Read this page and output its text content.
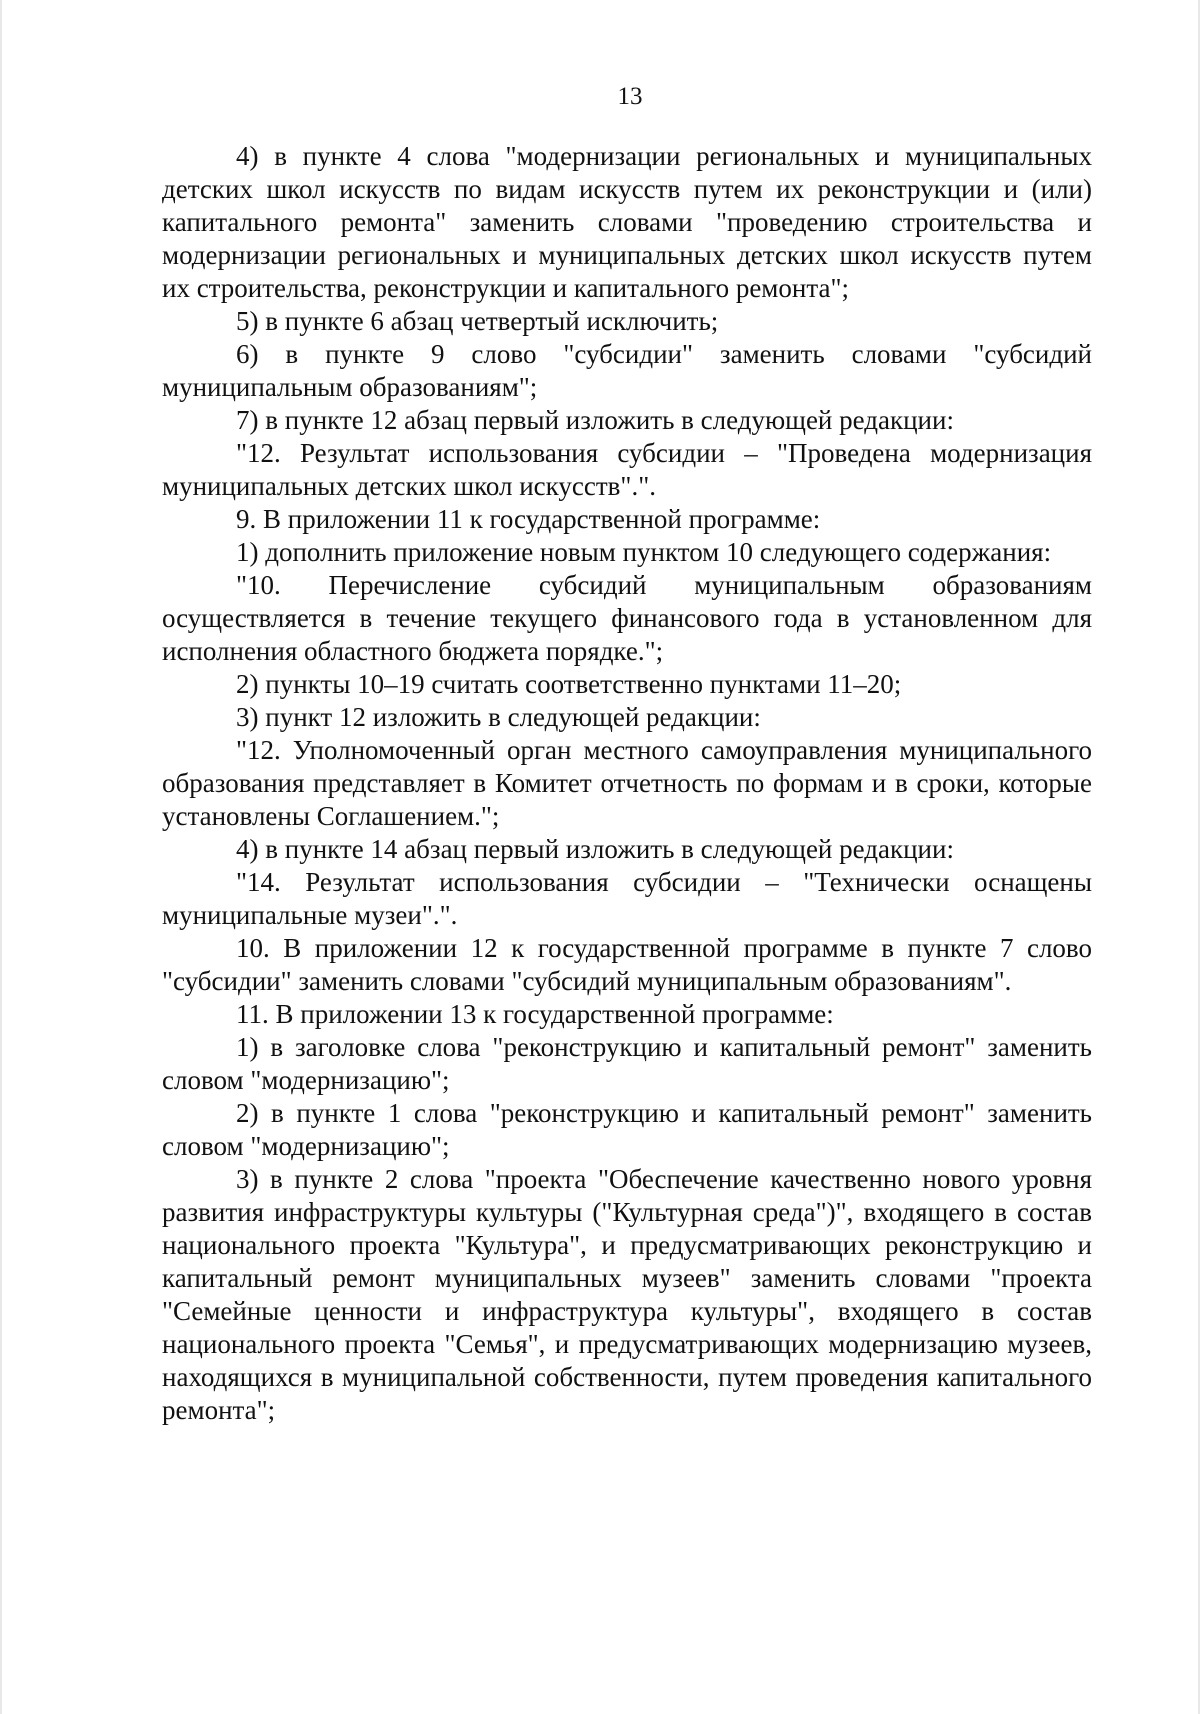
13

4) в пункте 4 слова "модернизации региональных и муниципальных детских школ искусств по видам искусств путем их реконструкции и (или) капитального ремонта" заменить словами "проведению строительства и модернизации региональных и муниципальных детских школ искусств путем их строительства, реконструкции и капитального ремонта";

5) в пункте 6 абзац четвертый исключить;

6) в пункте 9 слово "субсидии" заменить словами "субсидий муниципальным образованиям";

7) в пункте 12 абзац первый изложить в следующей редакции:

"12. Результат использования субсидии – "Проведена модернизация муниципальных детских школ искусств".".

9. В приложении 11 к государственной программе:

1) дополнить приложение новым пунктом 10 следующего содержания:

"10. Перечисление субсидий муниципальным образованиям осуществляется в течение текущего финансового года в установленном для исполнения областного бюджета порядке.";

2) пункты 10–19 считать соответственно пунктами 11–20;

3) пункт 12 изложить в следующей редакции:

"12. Уполномоченный орган местного самоуправления муниципального образования представляет в Комитет отчетность по формам и в сроки, которые установлены Соглашением.";

4) в пункте 14 абзац первый изложить в следующей редакции:

"14. Результат использования субсидии – "Технически оснащены муниципальные музеи".".

10. В приложении 12 к государственной программе в пункте 7 слово "субсидии" заменить словами "субсидий муниципальным образованиям".

11. В приложении 13 к государственной программе:

1) в заголовке слова "реконструкцию и капитальный ремонт" заменить словом "модернизацию";

2) в пункте 1 слова "реконструкцию и капитальный ремонт" заменить словом "модернизацию";

3) в пункте 2 слова "проекта "Обеспечение качественно нового уровня развития инфраструктуры культуры ("Культурная среда")", входящего в состав национального проекта "Культура", и предусматривающих реконструкцию и капитальный ремонт муниципальных музеев" заменить словами "проекта "Семейные ценности и инфраструктура культуры", входящего в состав национального проекта "Семья", и предусматривающих модернизацию музеев, находящихся в муниципальной собственности, путем проведения капитального ремонта";
